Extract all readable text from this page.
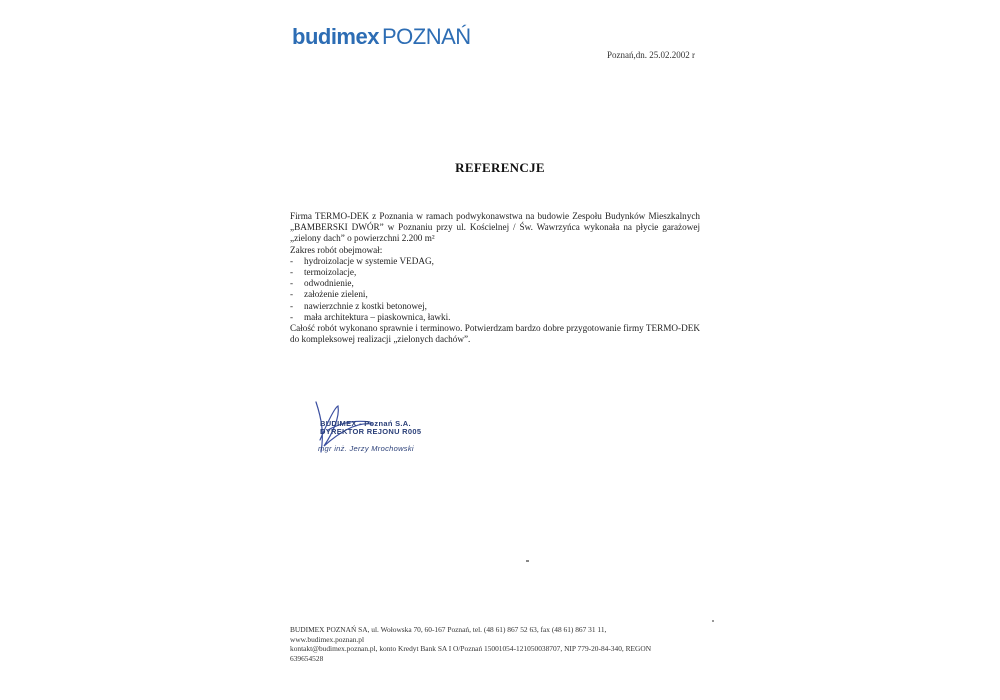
budimex POZNAŃ
Poznań,dn. 25.02.2002 r
REFERENCJE

Firma TERMO-DEK z Poznania w ramach podwykonawstwa na budowie Zespołu Budynków Mieszkalnych „BAMBERSKI DWÓR” w Poznaniu przy ul. Kościelnej / Św. Wawrzyńca wykonała na płycie garażowej „zielony dach” o powierzchni 2.200 m²

Zakres robót obejmował:
- hydroizolacje w systemie VEDAG,
- termoizolacje,
- odwodnienie,
- założenie zieleni,
- nawierzchnie z kostki betonowej,
- mała architektura – piaskownica, ławki.

Całość robót wykonano sprawnie i terminowo. Potwierdzam bardzo dobre przygotowanie firmy TERMO-DEK do kompleksowej realizacji „zielonych dachów”.

BUDIMEX - Poznań S.A.
DYREKTOR REJONU R005
mgr inż. Jerzy Mrochowski
BUDIMEX POZNAŃ SA, ul. Wołowska 70, 60-167 Poznań, tel. (48 61) 867 52 63, fax (48 61) 867 31 11,
www.budimex.poznan.pl
kontakt@budimex.poznan.pl, konto Kredyt Bank SA I O/Poznań 15001054-121050038707, NIP 779-20-84-340, REGON
639654528
